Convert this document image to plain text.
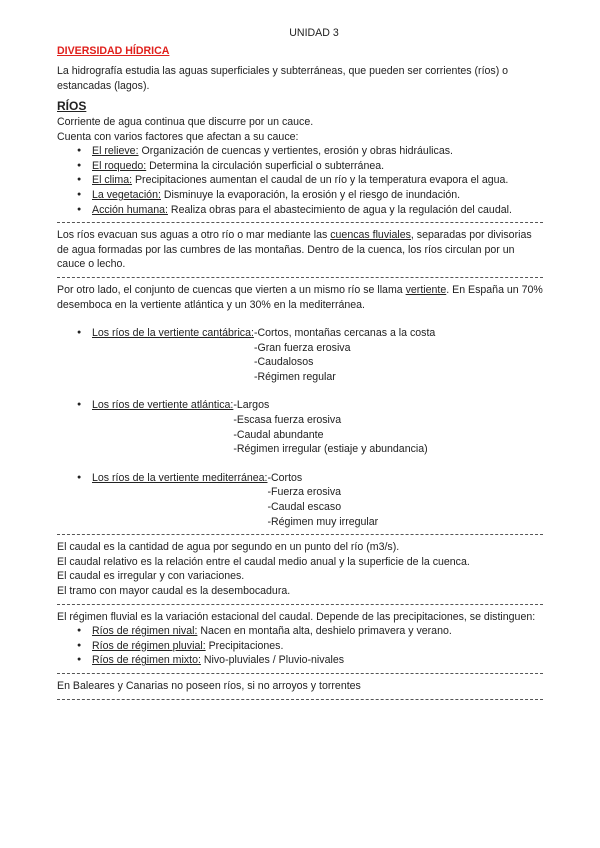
UNIDAD 3
DIVERSIDAD HÍDRICA

La hidrografía estudia las aguas superficiales y subterráneas, que pueden ser corrientes (ríos) o estancadas (lagos).

RÍOS

Corriente de agua continua que discurre por un cauce.

Cuenta con varios factores que afectan a su cauce:

● El relieve: Organización de cuencas y vertientes, erosión y obras hidráulicas.
● El roquedo: Determina la circulación superficial o subterránea.
● El clima: Precipitaciones aumentan el caudal de un río y la temperatura evapora el agua.
● La vegetación: Disminuye la evaporación, la erosión y el riesgo de inundación.
● Acción humana: Realiza obras para el abastecimiento de agua y la regulación del caudal.

Los ríos evacuan sus aguas a otro río o mar mediante las cuencas fluviales, separadas por divisorias de agua formadas por las cumbres de las montañas. Dentro de la cuenca, los ríos circulan por un cauce o lecho.

Por otro lado, el conjunto de cuencas que vierten a un mismo río se llama vertiente. En España un 70% desemboca en la vertiente atlántica y un 30% en la mediterránea.

● Los ríos de la vertiente cantábrica: -Cortos, montañas cercanas a la costa
-Gran fuerza erosiva
-Caudalosos
-Régimen regular
● Los ríos de vertiente atlántica: -Largos
-Escasa fuerza erosiva
-Caudal abundante
-Régimen irregular (estiaje y abundancia)
● Los ríos de la vertiente mediterránea: -Cortos
-Fuerza erosiva
-Caudal escaso
-Régimen muy irregular

El caudal es la cantidad de agua por segundo en un punto del río (m3/s).

El caudal relativo es la relación entre el caudal medio anual y la superficie de la cuenca.

El caudal es irregular y con variaciones.

El tramo con mayor caudal es la desembocadura.

El régimen fluvial es la variación estacional del caudal. Depende de las precipitaciones, se distinguen:

● Ríos de régimen nival: Nacen en montaña alta, deshielo primavera y verano.
● Ríos de régimen pluvial: Precipitaciones.
● Ríos de régimen mixto: Nivo-pluviales / Pluvio-nivales

En Baleares y Canarias no poseen ríos, si no arroyos y torrentes
